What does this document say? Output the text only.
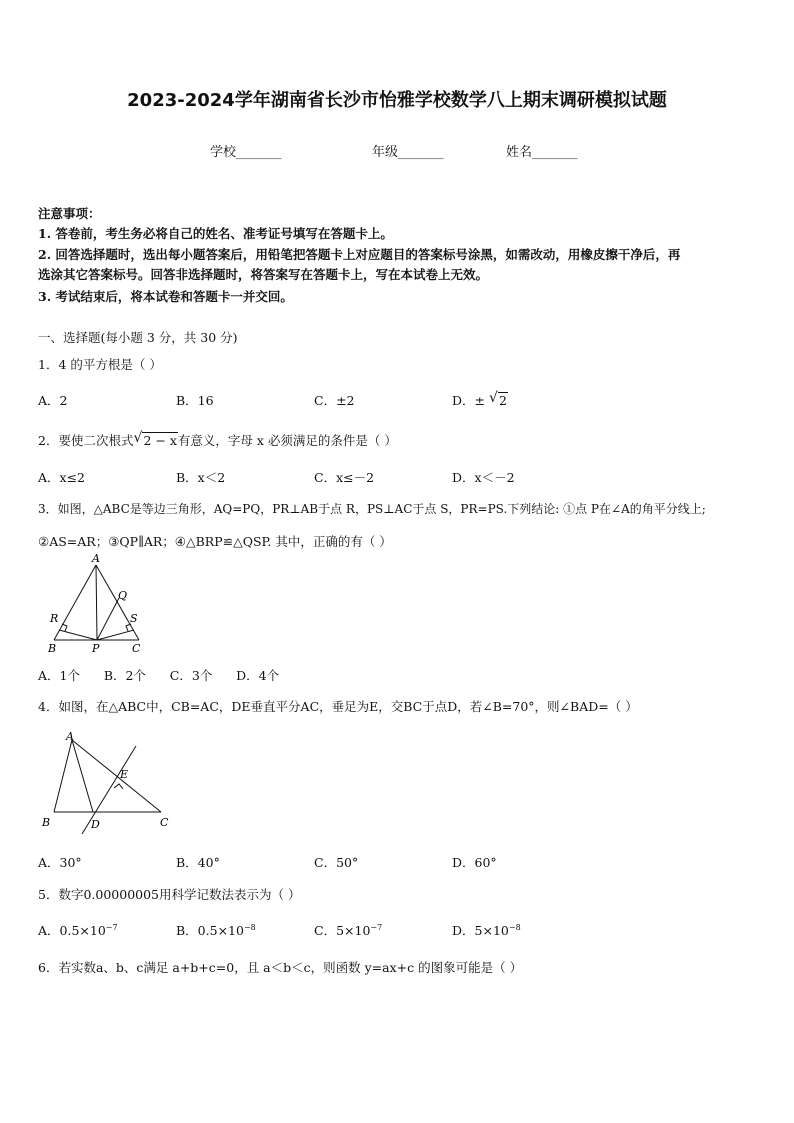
2023-2024学年湖南省长沙市怡雅学校数学八上期末调研模拟试题
学校_______	年级_______	姓名_______
注意事项：
1. 答卷前，考生务必将自己的姓名、准考证号填写在答题卡上。
2. 回答选择题时，选出每小题答案后，用铅笔把答题卡上对应题目的答案标号涂黑，如需改动，用橡皮擦干净后，再
选涂其它答案标号。回答非选择题时，将答案写在答题卡上，写在本试卷上无效。
3. 考试结束后，将本试卷和答题卡一并交回。
一、选择题(每小题 3 分，共 30 分)
1．4 的平方根是（ ）
A．2	B．16	C．±2	D．± √ 2
2．要使二次根式 √ 2 − x有意义，字母 x 必须满足的条件是（ ）
A．x≤2	B．x＜2	C．x≤－2	D．x＜－2
3．如图，△ABC是等边三角形，AQ=PQ，PR⊥AB于点 R，PS⊥AC于点 S，PR=PS.下列结论: ①点 P在∠A的角平分线上;
②AS=AR；③QP∥AR；④△BRP≌△QSP. 其中，正确的有（ ）
A
Q
R	S
B	P	C
A．1个      B．2个      C．3个      D．4个
4．如图，在△ABC中，CB=AC，DE垂直平分AC，垂足为E，交BC于点D，若∠B=70°，则∠BAD=（ ）
A
E
B	D	C
A．30°	B．40°	C．50°	D．60°
5．数字0.00000005用科学记数法表示为（ ）
A．$0.5\times 10^{-7}$	B．$0.5\times 10^{-8}$	C．$5\times 10^{-7}$	D．$5\times 10^{-8}$
6．若实数a、b、c满足 a+b+c=0，且 a＜b＜c，则函数 y=ax+c 的图象可能是（ ）
